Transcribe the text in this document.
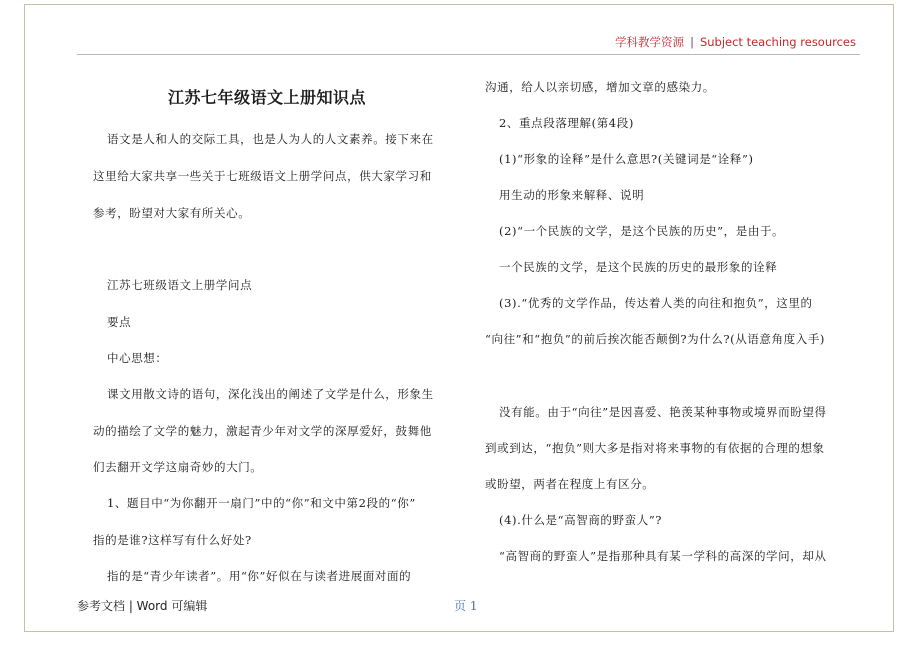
学科教学资源 | Subject teaching resources
江苏七年级语文上册知识点
语文是人和人的交际工具，也是人为人的人文素养。接下来在
这里给大家共享一些关于七班级语文上册学问点，供大家学习和
参考，盼望对大家有所关心。
江苏七班级语文上册学问点
要点
中心思想：
课文用散文诗的语句，深化浅出的阐述了文学是什么，形象生
动的描绘了文学的魅力，激起青少年对文学的深厚爱好，鼓舞他
们去翻开文学这扇奇妙的大门。
1、题目中“为你翻开一扇门”中的“你”和文中第2段的“你”
指的是谁?这样写有什么好处?
指的是“青少年读者”。用“你”好似在与读者进展面对面的
沟通，给人以亲切感，增加文章的感染力。
2、重点段落理解(第4段)
(1)“形象的诠释”是什么意思?(关键词是“诠释”)
用生动的形象来解释、说明
(2)“一个民族的文学，是这个民族的历史”，是由于。
一个民族的文学，是这个民族的历史的最形象的诠释
(3).“优秀的文学作品，传达着人类的向往和抱负”，这里的
“向往”和“抱负”的前后挨次能否颠倒?为什么?(从语意角度入手)
没有能。由于“向往”是因喜爱、艳羡某种事物或境界而盼望得
到或到达，“抱负”则大多是指对将来事物的有依据的合理的想象
或盼望，两者在程度上有区分。
(4).什么是“高智商的野蛮人”?
“高智商的野蛮人”是指那种具有某一学科的高深的学问，却从
参考文档 | Word 可编辑	页 1
